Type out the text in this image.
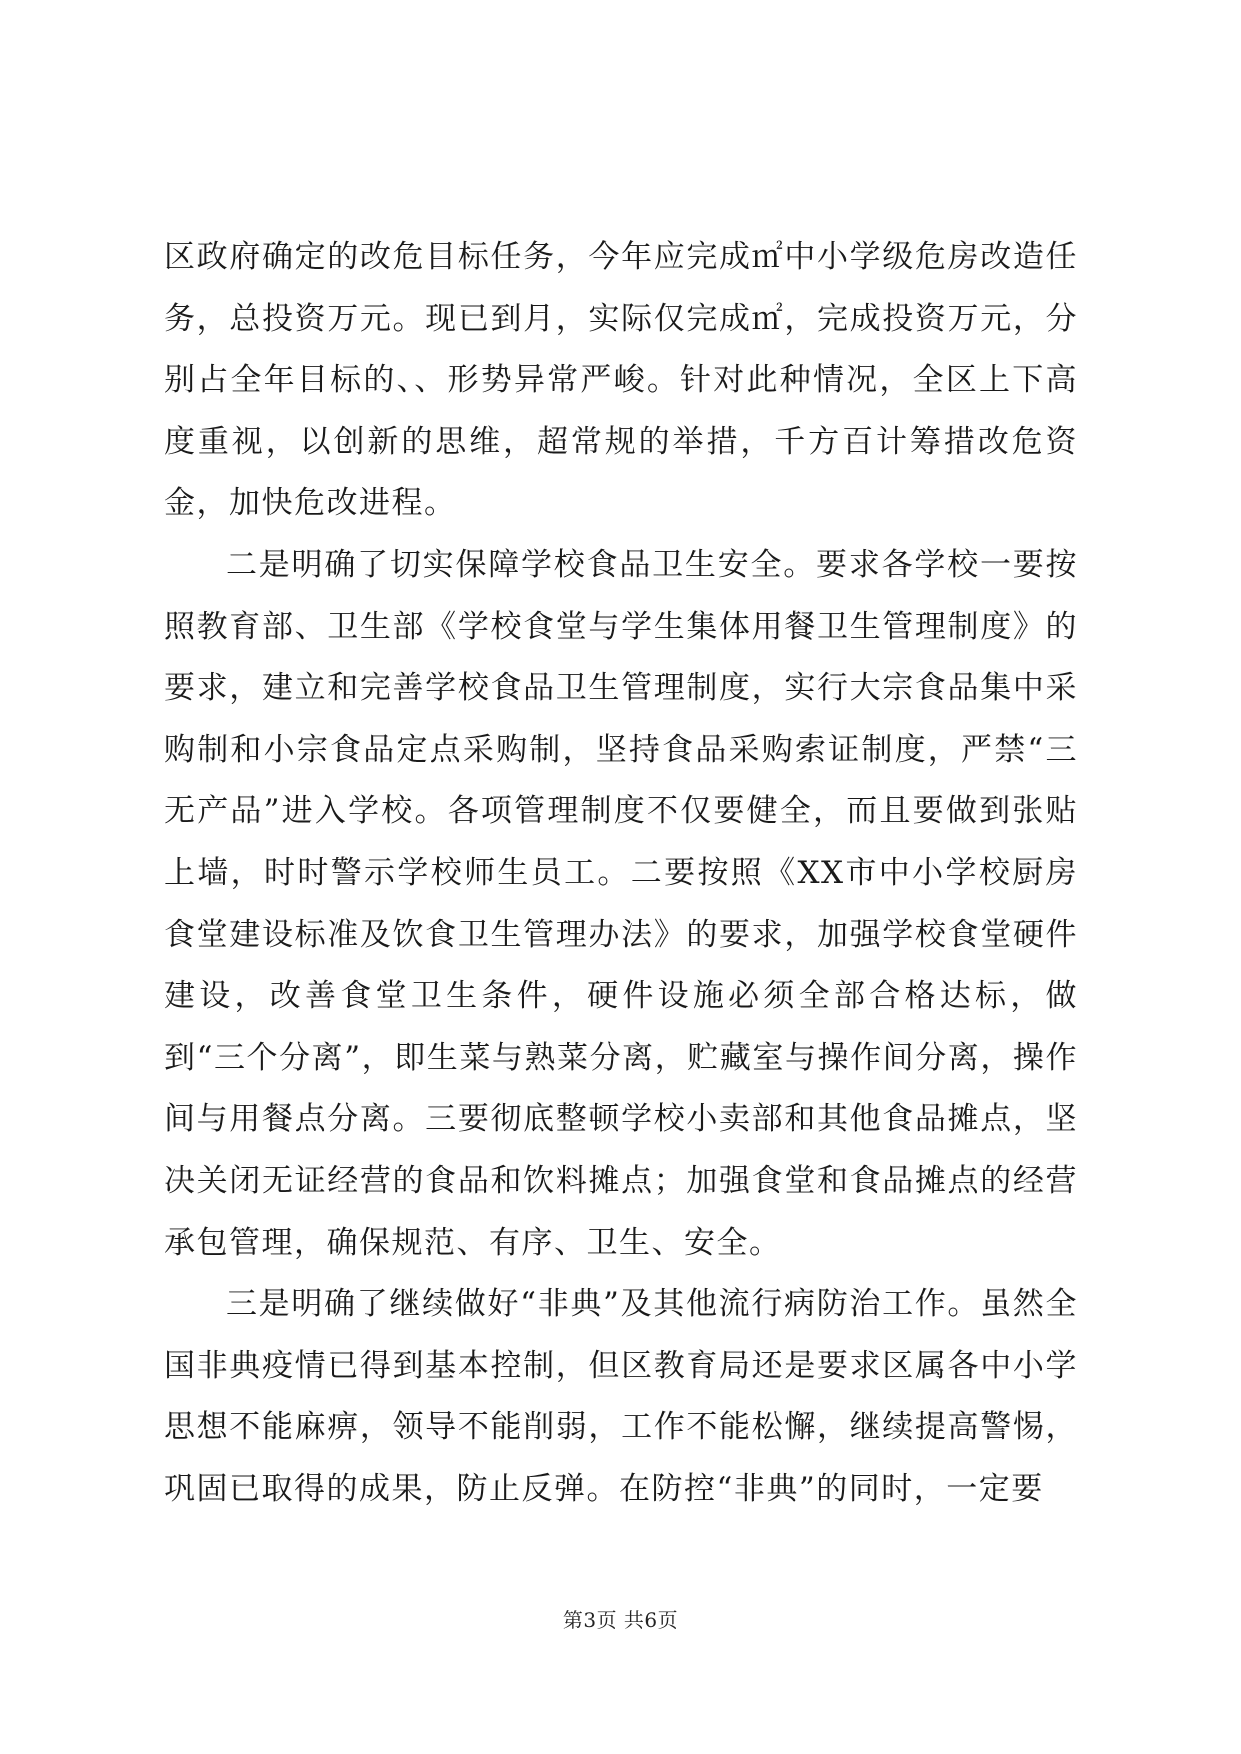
区政府确定的改危目标任务，今年应完成㎡中小学级危房改造任务，总投资万元。现已到月，实际仅完成㎡，完成投资万元，分别占全年目标的、、形势异常严峻。针对此种情况，全区上下高度重视，以创新的思维，超常规的举措，千方百计筹措改危资金，加快危改进程。

二是明确了切实保障学校食品卫生安全。要求各学校一要按照教育部、卫生部《学校食堂与学生集体用餐卫生管理制度》的要求，建立和完善学校食品卫生管理制度，实行大宗食品集中采购制和小宗食品定点采购制，坚持食品采购索证制度，严禁“三无产品”进入学校。各项管理制度不仅要健全，而且要做到张贴上墙，时时警示学校师生员工。二要按照《XX市中小学校厨房食堂建设标准及饮食卫生管理办法》的要求，加强学校食堂硬件建设，改善食堂卫生条件，硬件设施必须全部合格达标，做到“三个分离”，即生菜与熟菜分离，贮藏室与操作间分离，操作间与用餐点分离。三要彻底整顿学校小卖部和其他食品摊点，坚决关闭无证经营的食品和饮料摊点；加强食堂和食品摊点的经营承包管理，确保规范、有序、卫生、安全。

三是明确了继续做好“非典”及其他流行病防治工作。虽然全国非典疫情已得到基本控制，但区教育局还是要求区属各中小学思想不能麻痹，领导不能削弱，工作不能松懈，继续提高警惕，巩固已取得的成果，防止反弹。在防控“非典”的同时，一定要

第3页 共6页
